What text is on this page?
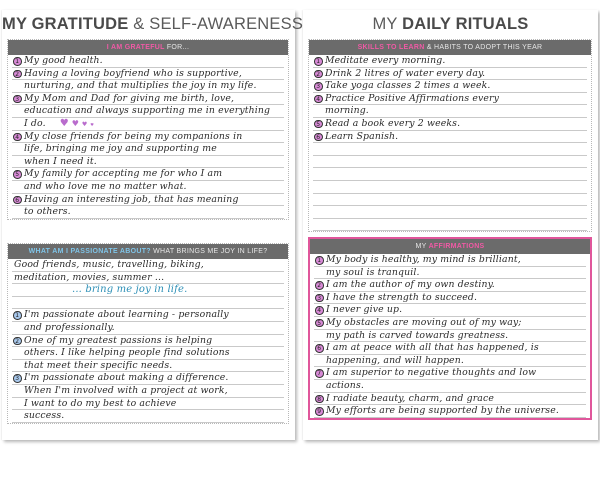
MY GRATITUDE & SELF-AWARENESS
I AM GRATEFUL FOR...
1 My good health.
2 Having a loving boyfriend who is supportive,
nurturing, and that multiplies the joy in my life.
3 My Mom and Dad for giving me birth, love,
education and always supporting me in everything
I do. ♥♥♥♥
4 My close friends for being my companions in
life, bringing me joy and supporting me
when I need it.
5 My family for accepting me for who I am
and who love me no matter what.
6 Having an interesting job, that has meaning
to others.
WHAT AM I PASSIONATE ABOUT? WHAT BRINGS ME JOY IN LIFE?
Good friends, music, travelling, biking,
meditation, movies, summer ...
... bring me joy in life.
1 I'm passionate about learning - personally
and professionally.
2 One of my greatest passions is helping
others. I like helping people find solutions
that meet their specific needs.
3 I'm passionate about making a difference.
When I'm involved with a project at work,
I want to do my best to achieve
success.
MY DAILY RITUALS
SKILLS TO LEARN & HABITS TO ADOPT THIS YEAR
1 Meditate every morning.
2 Drink 2 litres of water every day.
3 Take yoga classes 2 times a week.
4 Practice Positive Affirmations every
morning.
5 Read a book every 2 weeks.
6 Learn Spanish.
MY AFFIRMATIONS
1 My body is healthy, my mind is brilliant,
my soul is tranquil.
2 I am the author of my own destiny.
3 I have the strength to succeed.
4 I never give up.
5 My obstacles are moving out of my way;
my path is carved towards greatness.
6 I am at peace with all that has happened, is
happening, and will happen.
7 I am superior to negative thoughts and low
actions.
8 I radiate beauty, charm, and grace
9 My efforts are being supported by the universe.
